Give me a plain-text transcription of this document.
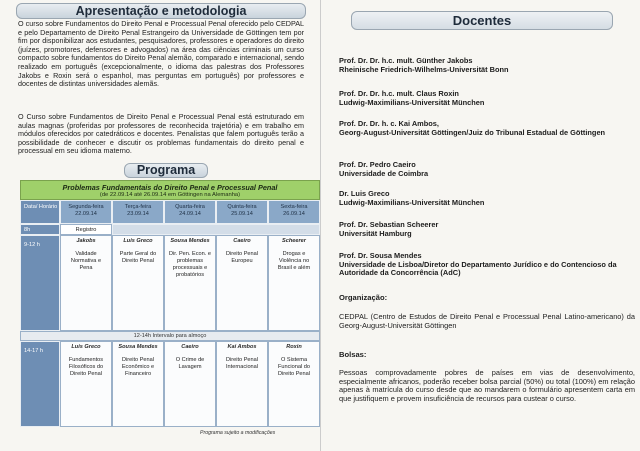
Apresentação e metodologia

O curso sobre Fundamentos do Direito Penal e Processual Penal oferecido pelo CEDPAL e pelo Departamento de Direito Penal Estrangeiro da Universidade de Göttingen tem por fim por disponibilizar aos estudantes, pesquisadores, professores e operadores do direito (juízes, promotores, defensores e advogados) na área das ciências criminais um curso compacto sobre fundamentos do Direito Penal alemão, comparado e internacional, sendo realizado em português (excepcionalmente, o idioma das palestras dos Professores Jakobs e Roxin será o espanhol, mas perguntas em português) por professores e docentes de distintas universidades alemãs.

O Curso sobre Fundamentos de Direito Penal e Processual Penal está estruturado em aulas magnas (proferidas por professores de reconhecida trajetória) e em trabalho em módulos oferecidos por catedráticos e docentes. Penalistas que falem português terão a possibilidade de conhecer e discutir os problemas fundamentais do direito penal e processual em seu idioma materno.

Programa
Problemas Fundamentais do Direito Penal e Processual Penal
(de 22.09.14 até 26.09.14 em Göttingen na Alemanha)
Data/ Horário	Segunda-feira
22.09.14
Terça-feira
23.09.14
Quarta-feira
24.09.14
Quinta-feira
25.09.14
Sexta-feira
26.09.14
8h	Registro
9-12 h
Jakobs
Validade Normativa e Pena
Luis Greco
Parte Geral do Direito Penal
Sousa Mendes
Dir. Pen. Econ. e problemas processuais e probatórios
Caeiro
Direito Penal Europeu
Scheerer
Drogas e Violência no Brasil e além
12-14h Intervalo para almoço
14-17 h
Luis Greco
Fundamentos Filosóficos do Direito Penal
Sousa Mendes
Direito Penal Econômico e Financeiro
Caeiro
O Crime de Lavagem
Kai Ambos
Direito Penal Internacional
Roxin
O Sistema Funcional do Direito Penal
Programa sujeito a modificações
Docentes
Prof. Dr. Dr. h.c. mult. Günther Jakobs
Rheinische Friedrich-Wilhelms-Universität Bonn
Prof. Dr. Dr. h.c. mult. Claus Roxin
Ludwig-Maximilians-Universität München
Prof. Dr. Dr. h. c. Kai Ambos,
Georg-August-Universität Göttingen/Juiz do Tribunal Estadual de Göttingen
Prof. Dr. Pedro Caeiro
Universidade de Coimbra
Dr. Luis Greco
Ludwig-Maximilians-Universität München
Prof. Dr. Sebastian Scheerer
Universität Hamburg
Prof. Dr. Sousa Mendes
Universidade de Lisboa/Diretor do Departamento Jurídico e do Contencioso da Autoridade da Concorrência (AdC)
Organização:
CEDPAL (Centro de Estudos de Direito Penal e Processual Penal Latino-americano) da Georg-August-Universität Göttingen
Bolsas:
Pessoas comprovadamente pobres de países em vias de desenvolvimento, especialmente africanos, poderão receber bolsa parcial (50%) ou total (100%) em relação apenas à matrícula do curso desde que ao mandarem o formulário apresentem carta em que justifiquem e provem insuficiência de recursos para custear o curso.
